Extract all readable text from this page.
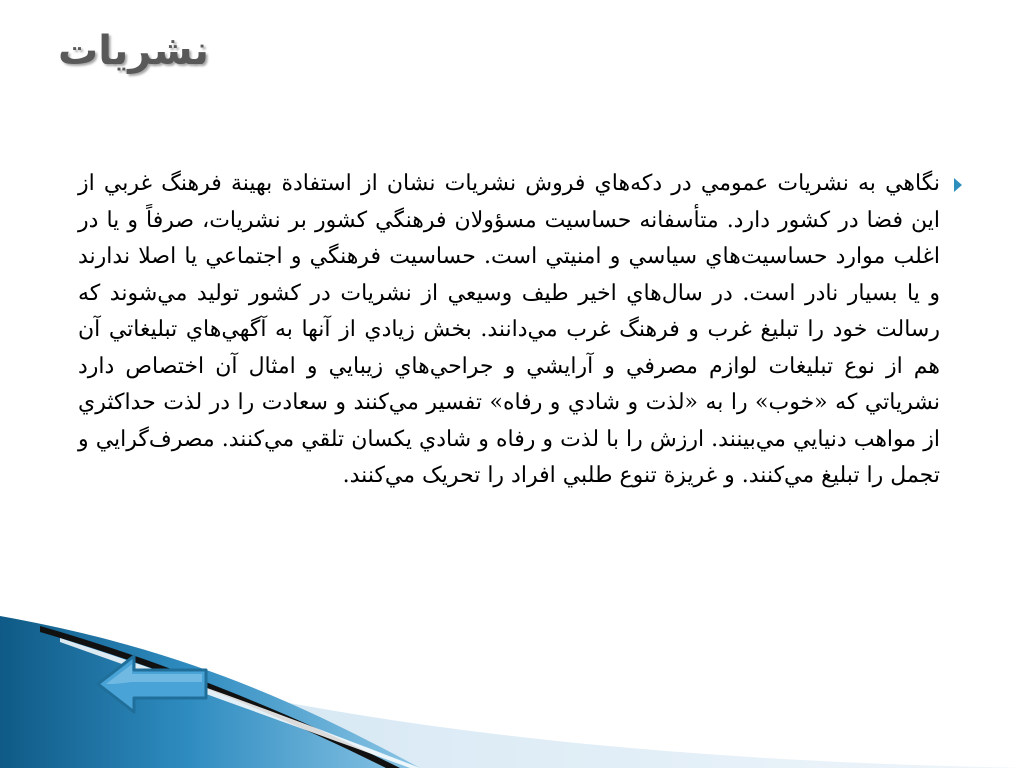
نشريات

نگاهي به نشريات عمومي در دكه‌هاي فروش نشريات نشان از استفادة بهينة فرهنگ غربي از اين فضا در كشور دارد. متأسفانه حساسيت مسؤولان فرهنگي كشور بر نشريات، صرفاً و يا در اغلب موارد حساسيت‌هاي سياسي و امنيتي است. حساسيت فرهنگي و اجتماعي يا اصلا ندارند و يا بسيار نادر است. در سال‌هاي اخير طيف وسيعي از نشريات در كشور توليد مي‌شوند كه رسالت خود را تبليغ غرب و فرهنگ غرب مي‌دانند. بخش زيادي از آنها به آگهي‌هاي تبليغاتي آن هم از نوع تبليغات لوازم مصرفي و آرايشي و جراحي‌هاي زيبايي و امثال آن اختصاص دارد نشرياتي كه «خوب» را به «لذت و شادي و رفاه» تفسير مي‌كنند و سعادت را در لذت حداكثري از مواهب دنيايي مي‌بينند. ارزش را با لذت و رفاه و شادي يكسان تلقي مي‌كنند. مصرف‌گرايي و تجمل را تبليغ مي‌كنند. و غريزة تنوع طلبي افراد را تحريک مي‌كنند.
